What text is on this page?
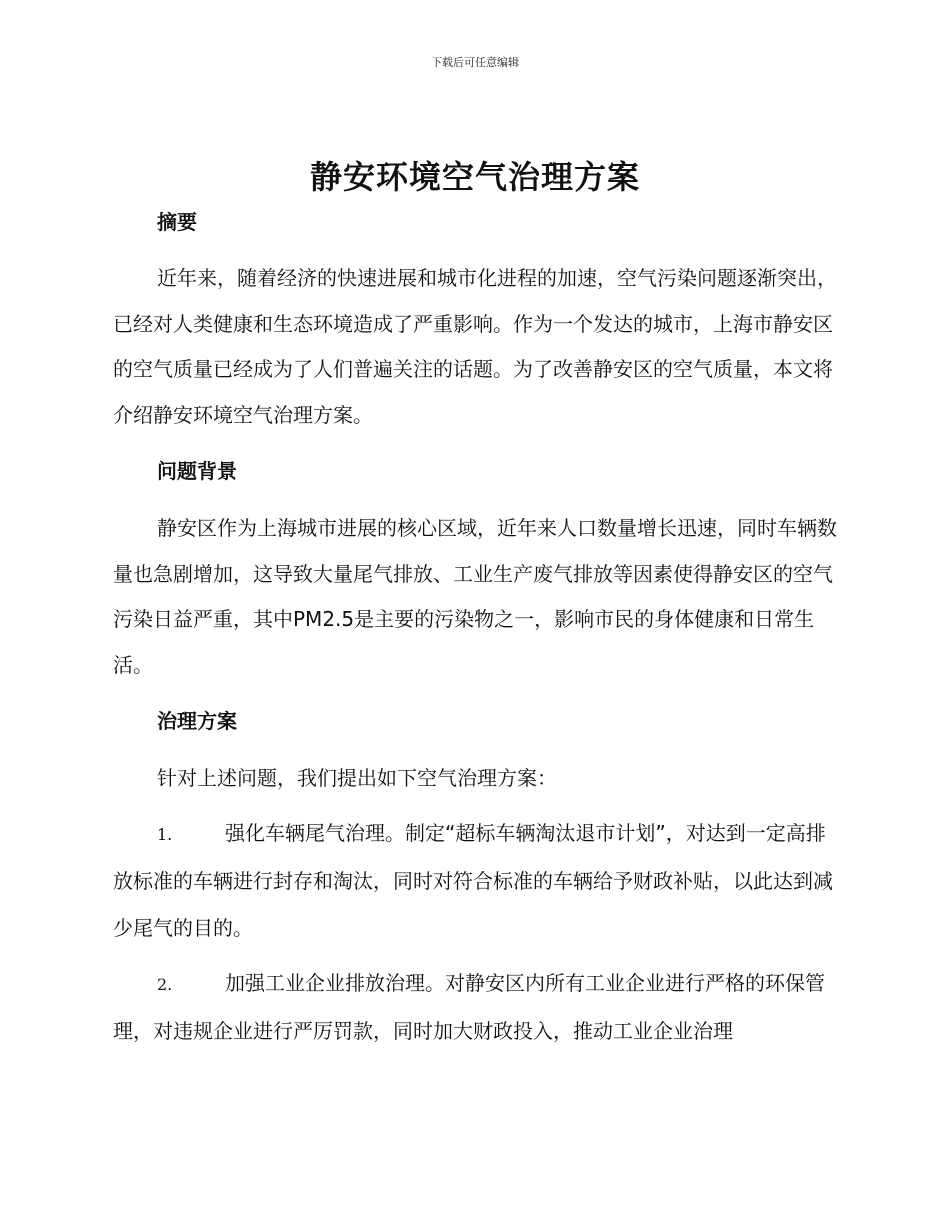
下载后可任意编辑
静安环境空气治理方案
摘要
近年来，随着经济的快速进展和城市化进程的加速，空气污染问题逐渐突出，已经对人类健康和生态环境造成了严重影响。作为一个发达的城市，上海市静安区的空气质量已经成为了人们普遍关注的话题。为了改善静安区的空气质量，本文将介绍静安环境空气治理方案。
问题背景
静安区作为上海城市进展的核心区域，近年来人口数量增长迅速，同时车辆数量也急剧增加，这导致大量尾气排放、工业生产废气排放等因素使得静安区的空气污染日益严重，其中PM2.5是主要的污染物之一，影响市民的身体健康和日常生活。
治理方案
针对上述问题，我们提出如下空气治理方案：
1.	强化车辆尾气治理。制定“超标车辆淘汰退市计划”，对达到一定高排放标准的车辆进行封存和淘汰，同时对符合标准的车辆给予财政补贴，以此达到减少尾气的目的。
2.	加强工业企业排放治理。对静安区内所有工业企业进行严格的环保管理，对违规企业进行严厉罚款，同时加大财政投入，推动工业企业治理
